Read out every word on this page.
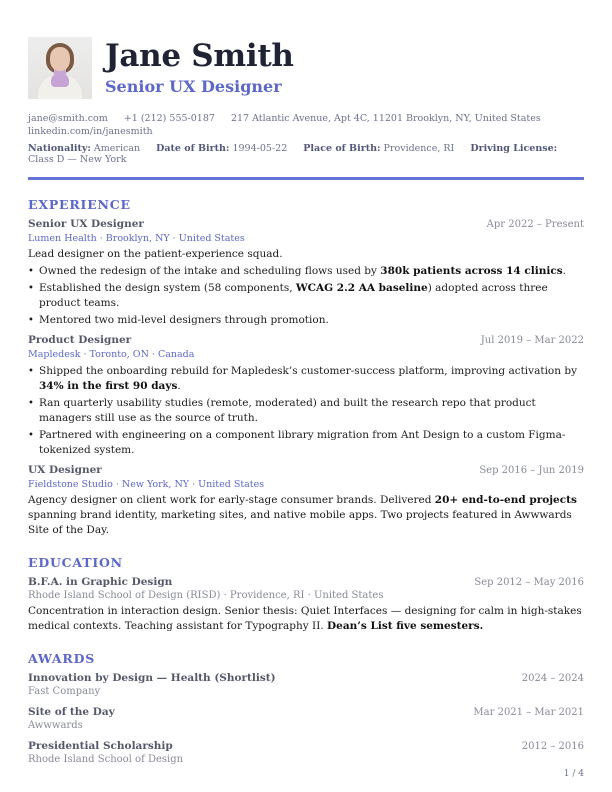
Jane Smith
Senior UX Designer
jane@smith.com +1 (212) 555-0187 217 Atlantic Avenue, Apt 4C, 11201 Brooklyn, NY, United States
linkedin.com/in/janesmith
Nationality: American Date of Birth: 1994-05-22 Place of Birth: Providence, RI Driving License: Class D — New York
EXPERIENCE
Senior UX Designer	Apr 2022 – Present
Lumen Health · Brooklyn, NY · United States
Lead designer on the patient-experience squad.
• Owned the redesign of the intake and scheduling flows used by 380k patients across 14 clinics.
• Established the design system (58 components, WCAG 2.2 AA baseline) adopted across three product teams.
• Mentored two mid-level designers through promotion.
Product Designer	Jul 2019 – Mar 2022
Mapledesk · Toronto, ON · Canada
• Shipped the onboarding rebuild for Mapledesk’s customer-success platform, improving activation by 34% in the first 90 days.
• Ran quarterly usability studies (remote, moderated) and built the research repo that product managers still use as the source of truth.
• Partnered with engineering on a component library migration from Ant Design to a custom Figma-tokenized system.
UX Designer	Sep 2016 – Jun 2019
Fieldstone Studio · New York, NY · United States
Agency designer on client work for early-stage consumer brands. Delivered 20+ end-to-end projects spanning brand identity, marketing sites, and native mobile apps. Two projects featured in Awwwards Site of the Day.
EDUCATION
B.F.A. in Graphic Design	Sep 2012 – May 2016
Rhode Island School of Design (RISD) · Providence, RI · United States
Concentration in interaction design. Senior thesis: Quiet Interfaces — designing for calm in high-stakes medical contexts. Teaching assistant for Typography II. Dean’s List five semesters.
AWARDS
Innovation by Design — Health (Shortlist)	2024 – 2024
Fast Company
Site of the Day	Mar 2021 – Mar 2021
Awwwards
Presidential Scholarship	2012 – 2016
Rhode Island School of Design
1 / 4
